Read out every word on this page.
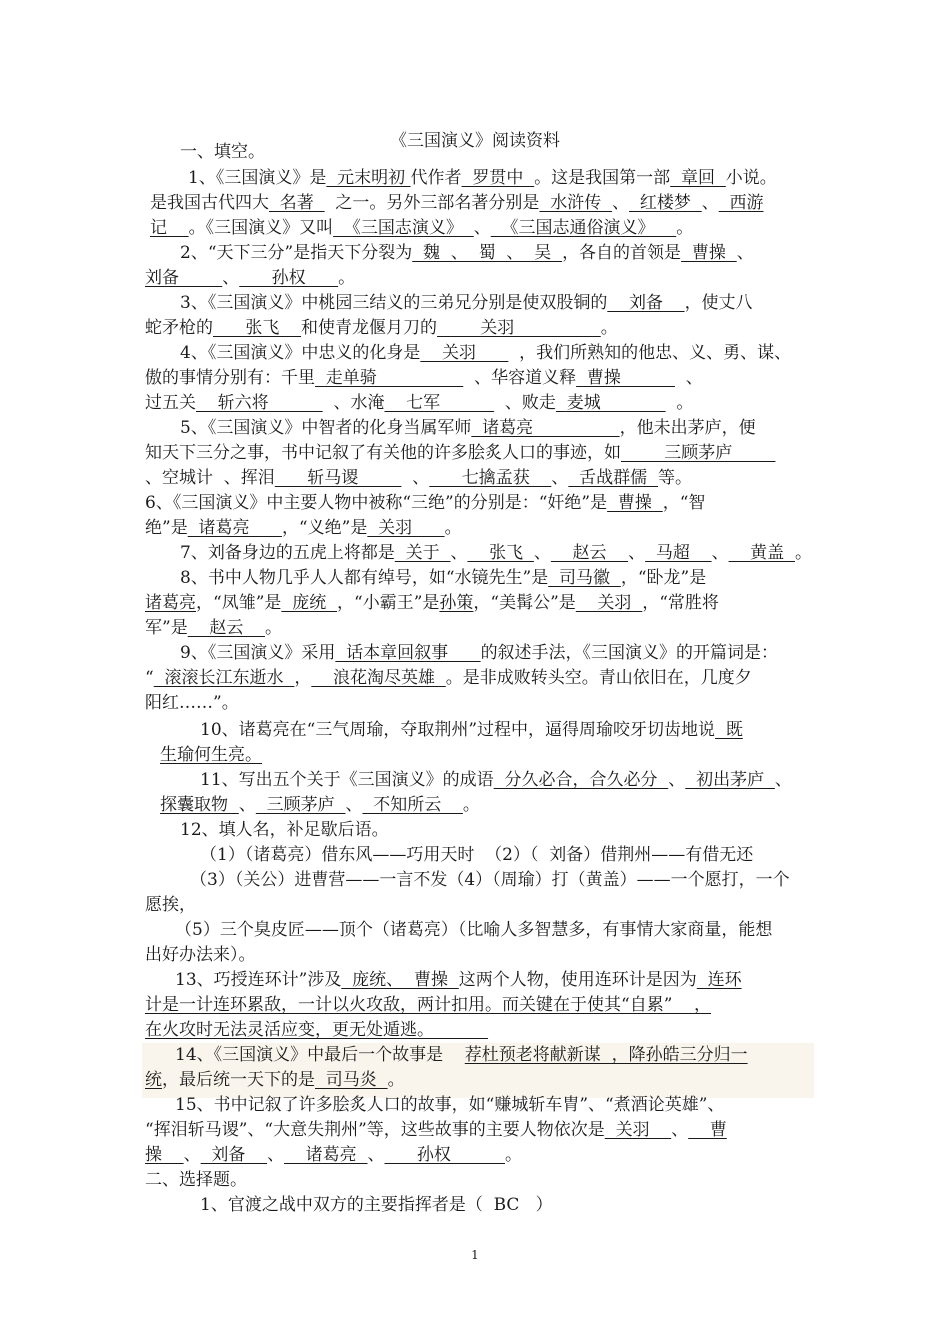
《三国演义》阅读资料
一、填空。
1、《三国演义》是  元末明初 代作者  罗贯中  。这是我国第一部  章回  小说。
是我国古代四大  名著    之一。另外三部名著分别是  水浒传  、  红楼梦  、  西游
记    。《三国演义》又叫  《三国志演义》  、  《三国志通俗演义》    。
2、“天下三分”是指天下分裂为  魏  、  蜀  、  吴  ，各自的首领是  曹操  、
刘备        、      孙权      。
3、《三国演义》中桃园三结义的三弟兄分别是使双股铜的    刘备    ，使丈八
蛇矛枪的      张飞    和使青龙偃月刀的        关羽                。
4、《三国演义》中忠义的化身是    关羽        ，我们所熟知的他忠、义、勇、谋、
傲的事情分别有：千里  走单骑                  、华容道义释  曹操            、
过五关    斩六将            、水淹    七军            、败走  麦城              。
5、《三国演义》中智者的化身当属军师  诸葛亮                ，他未出茅庐，便
知天下三分之事，书中记叙了有关他的许多脍炙人口的事迹，如        三顾茅庐
、空城计  、挥泪      斩马谡          、      七擒孟获    、  舌战群儒  等。
6、《三国演义》中主要人物中被称“三绝”的分别是：“奸绝”是  曹操  ，“智
绝”是  诸葛亮      ，“义绝”是  关羽      。
7、刘备身边的五虎上将都是  关于  、    张飞  、    赵云    、  马超    、    黄盖  。
8、书中人物几乎人人都有绰号，如“水镜先生”是  司马徽  ，“卧龙”是
诸葛亮，“凤雏”是  庞统  ，“小霸王”是孙策，“美髯公”是    关羽  ，“常胜将
军”是    赵云    。
9、《三国演义》采用  话本章回叙事      的叙述手法，《三国演义》的开篇词是：
“  滚滚长江东逝水  ，    浪花淘尽英雄  。是非成败转头空。青山依旧在，几度夕
阳红……”。
10、诸葛亮在“三气周瑜，夺取荆州”过程中，逼得周瑜咬牙切齿地说  既
生瑜何生亮。
11、写出五个关于《三国演义》的成语  分久必合，合久必分  、  初出茅庐  、
探囊取物  、  三顾茅庐  、  不知所云    。
12、填人名，补足歇后语。
（1）（诸葛亮）借东风——巧用天时  （2）（  刘备）借荆州——有借无还
（3）（关公）进曹营——一言不发（4）（周瑜）打（黄盖）——一个愿打，一个
愿挨，
（5）三个臭皮匠——顶个（诸葛亮）（比喻人多智慧多，有事情大家商量，能想
出好办法来）。
13、巧授连环计”涉及  庞统、  曹操  这两个人物，使用连环计是因为  连环
计是一计连环累敌，一计以火攻敌，两计扣用。而关键在于使其“自累”    ，
在火攻时无法灵活应变，更无处遁逃。
14、《三国演义》中最后一个故事是 荐杜预老将献新谋  ，降孙皓三分归一
统，最后统一天下的是  司马炎  。
15、书中记叙了许多脍炙人口的故事，如“赚城斩车胄”、“煮酒论英雄”、
“挥泪斩马谡”、“大意失荆州”等，这些故事的主要人物依次是  关羽    、    曹
操    、  刘备    、    诸葛亮  、      孙权          。
二、选择题。
1、官渡之战中双方的主要指挥者是（  BC   ）
1
